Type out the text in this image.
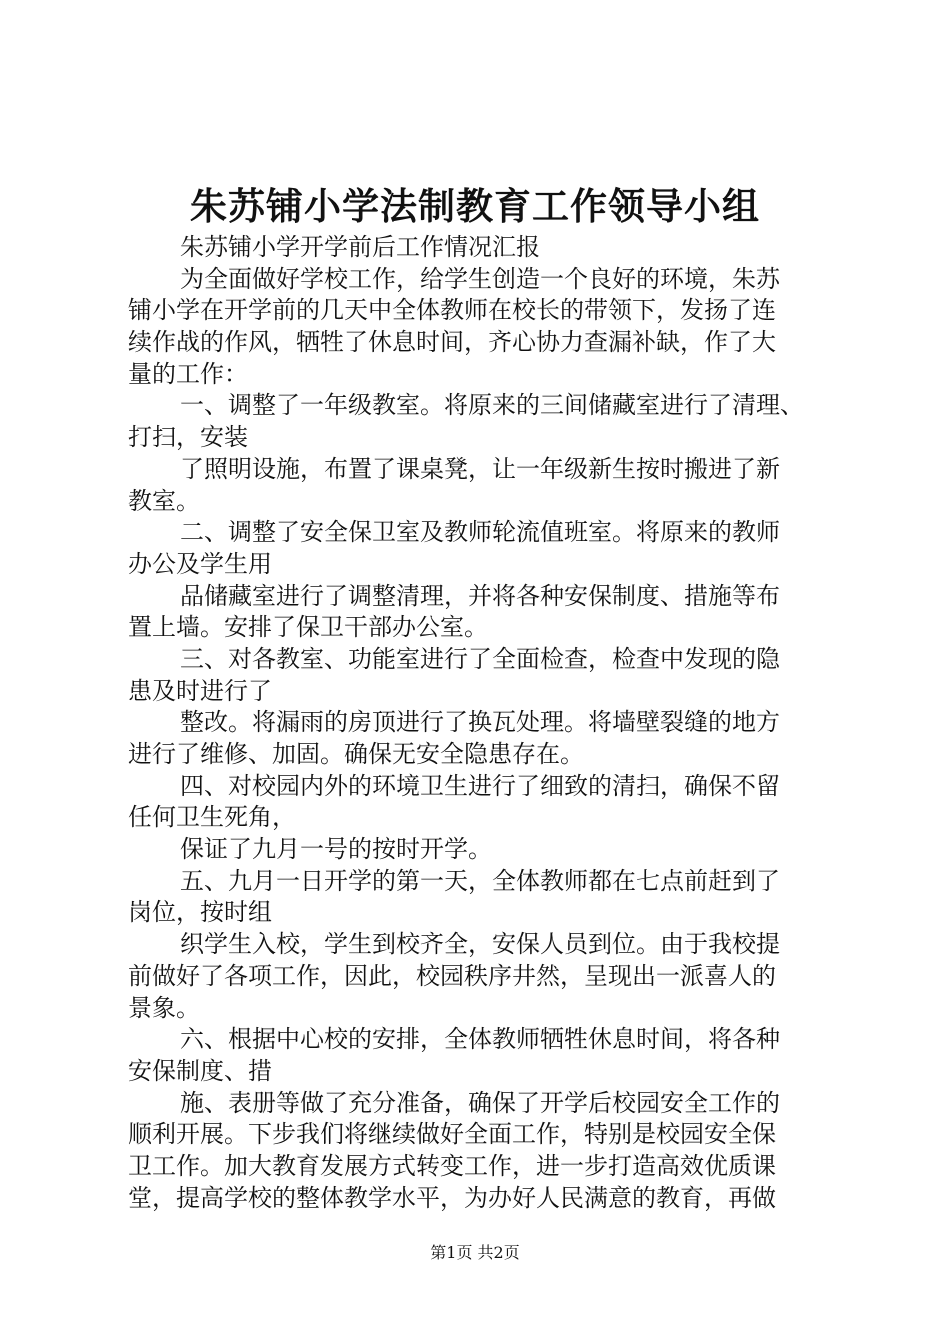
朱苏铺小学法制教育工作领导小组
朱苏铺小学开学前后工作情况汇报
为全面做好学校工作，给学生创造一个良好的环境，朱苏
铺小学在开学前的几天中全体教师在校长的带领下，发扬了连
续作战的作风，牺牲了休息时间，齐心协力查漏补缺，作了大
量的工作：
一、调整了一年级教室。将原来的三间储藏室进行了清理、
打扫，安装
了照明设施，布置了课桌凳，让一年级新生按时搬进了新
教室。
二、调整了安全保卫室及教师轮流值班室。将原来的教师
办公及学生用
品储藏室进行了调整清理，并将各种安保制度、措施等布
置上墙。安排了保卫干部办公室。
三、对各教室、功能室进行了全面检查，检查中发现的隐
患及时进行了
整改。将漏雨的房顶进行了换瓦处理。将墙壁裂缝的地方
进行了维修、加固。确保无安全隐患存在。
四、对校园内外的环境卫生进行了细致的清扫，确保不留
任何卫生死角，
保证了九月一号的按时开学。
五、九月一日开学的第一天，全体教师都在七点前赶到了
岗位，按时组
织学生入校，学生到校齐全，安保人员到位。由于我校提
前做好了各项工作，因此，校园秩序井然，呈现出一派喜人的
景象。
六、根据中心校的安排，全体教师牺牲休息时间，将各种
安保制度、措
施、表册等做了充分准备，确保了开学后校园安全工作的
顺利开展。下步我们将继续做好全面工作，特别是校园安全保
卫工作。加大教育发展方式转变工作，进一步打造高效优质课
堂，提高学校的整体教学水平，为办好人民满意的教育，再做
第1页 共2页
